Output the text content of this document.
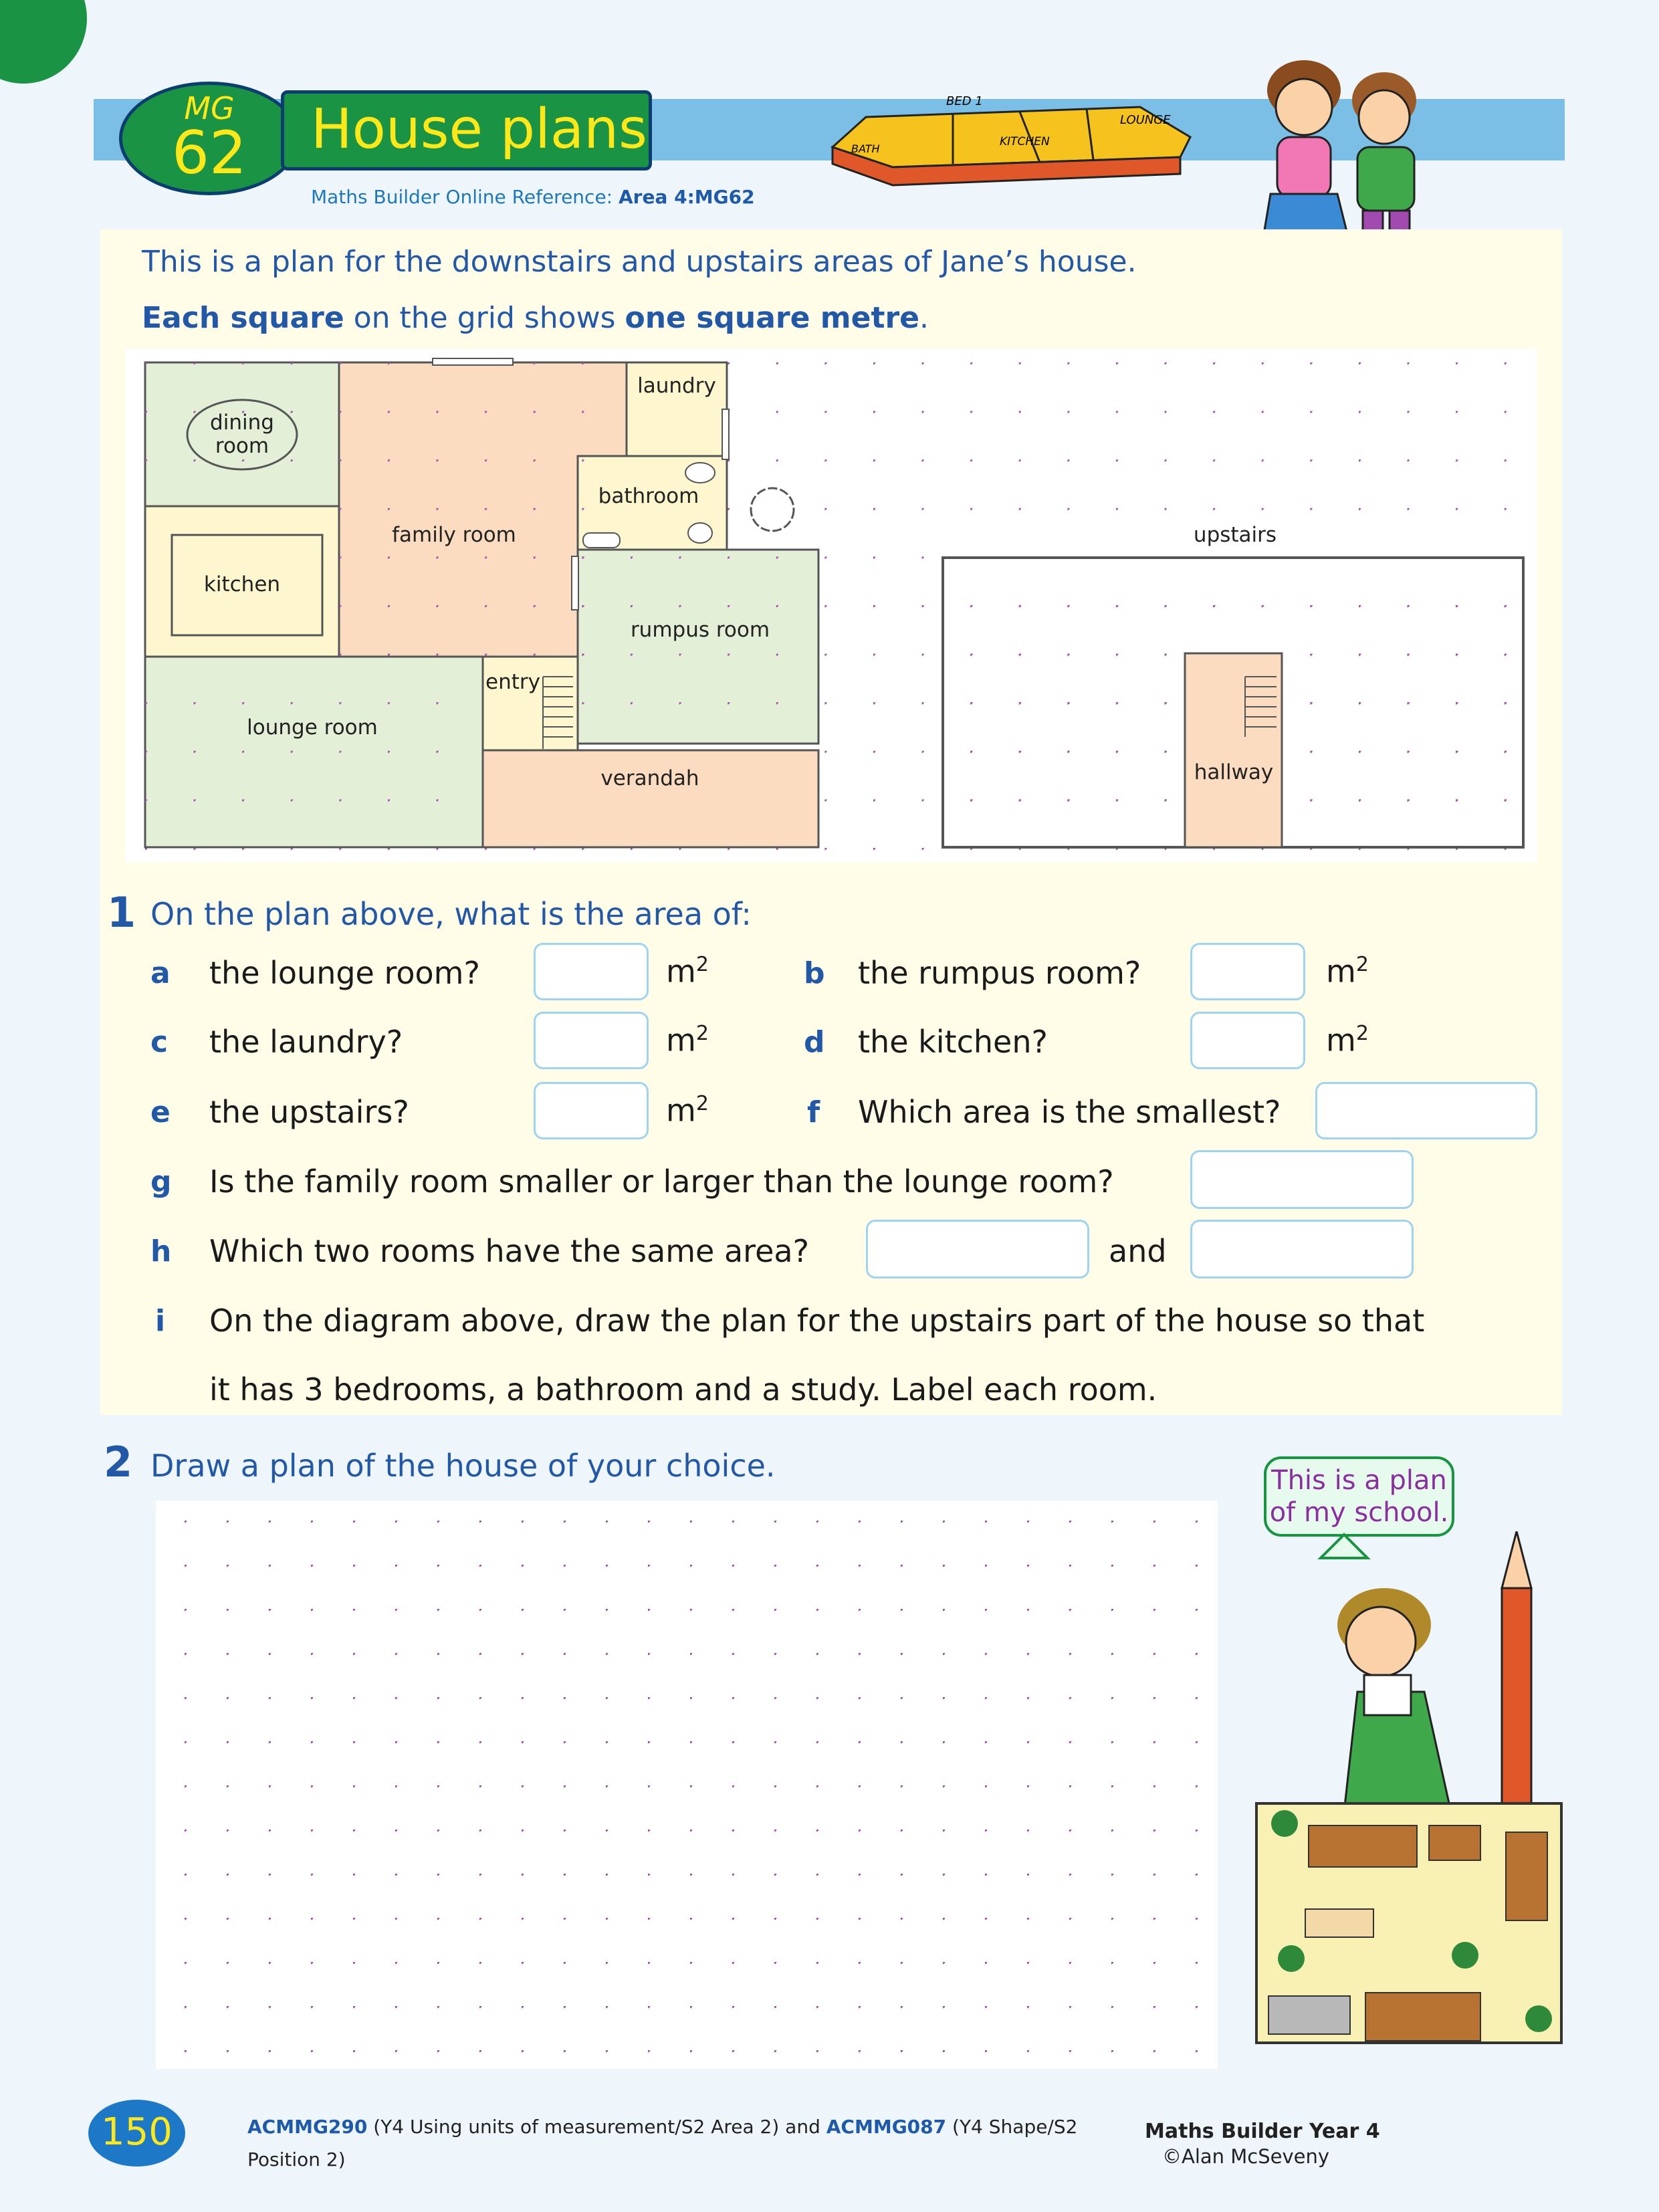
MG
62	House plans
Maths Builder Online Reference: Area 4:MG62
BED 1
LOUNGE
BATH
KITCHEN
This is a plan for the downstairs and upstairs areas of Jane’s house.
Each square on the grid shows one square metre.
dining
room
laundry
bathroom
family room
kitchen
rumpus room
entry
lounge room
verandah
upstairs
hallway
1 On the plan above, what is the area of:
a the lounge room?	$m^2$	b the rumpus room?	$m^2$
c the laundry?	$m^2$	d the kitchen?	$m^2$
e the upstairs?	$m^2$	f Which area is the smallest?
g Is the family room smaller or larger than the lounge room?
h Which two rooms have the same area?	and
i On the diagram above, draw the plan for the upstairs part of the house so that
it has 3 bedrooms, a bathroom and a study. Label each room.
2 Draw a plan of the house of your choice.	This is a plan
of my school.
150	ACMMG290 (Y4 Using units of measurement/S2 Area 2) and ACMMG087 (Y4 Shape/S2
Position 2)
Maths Builder Year 4
©Alan McSeveny
